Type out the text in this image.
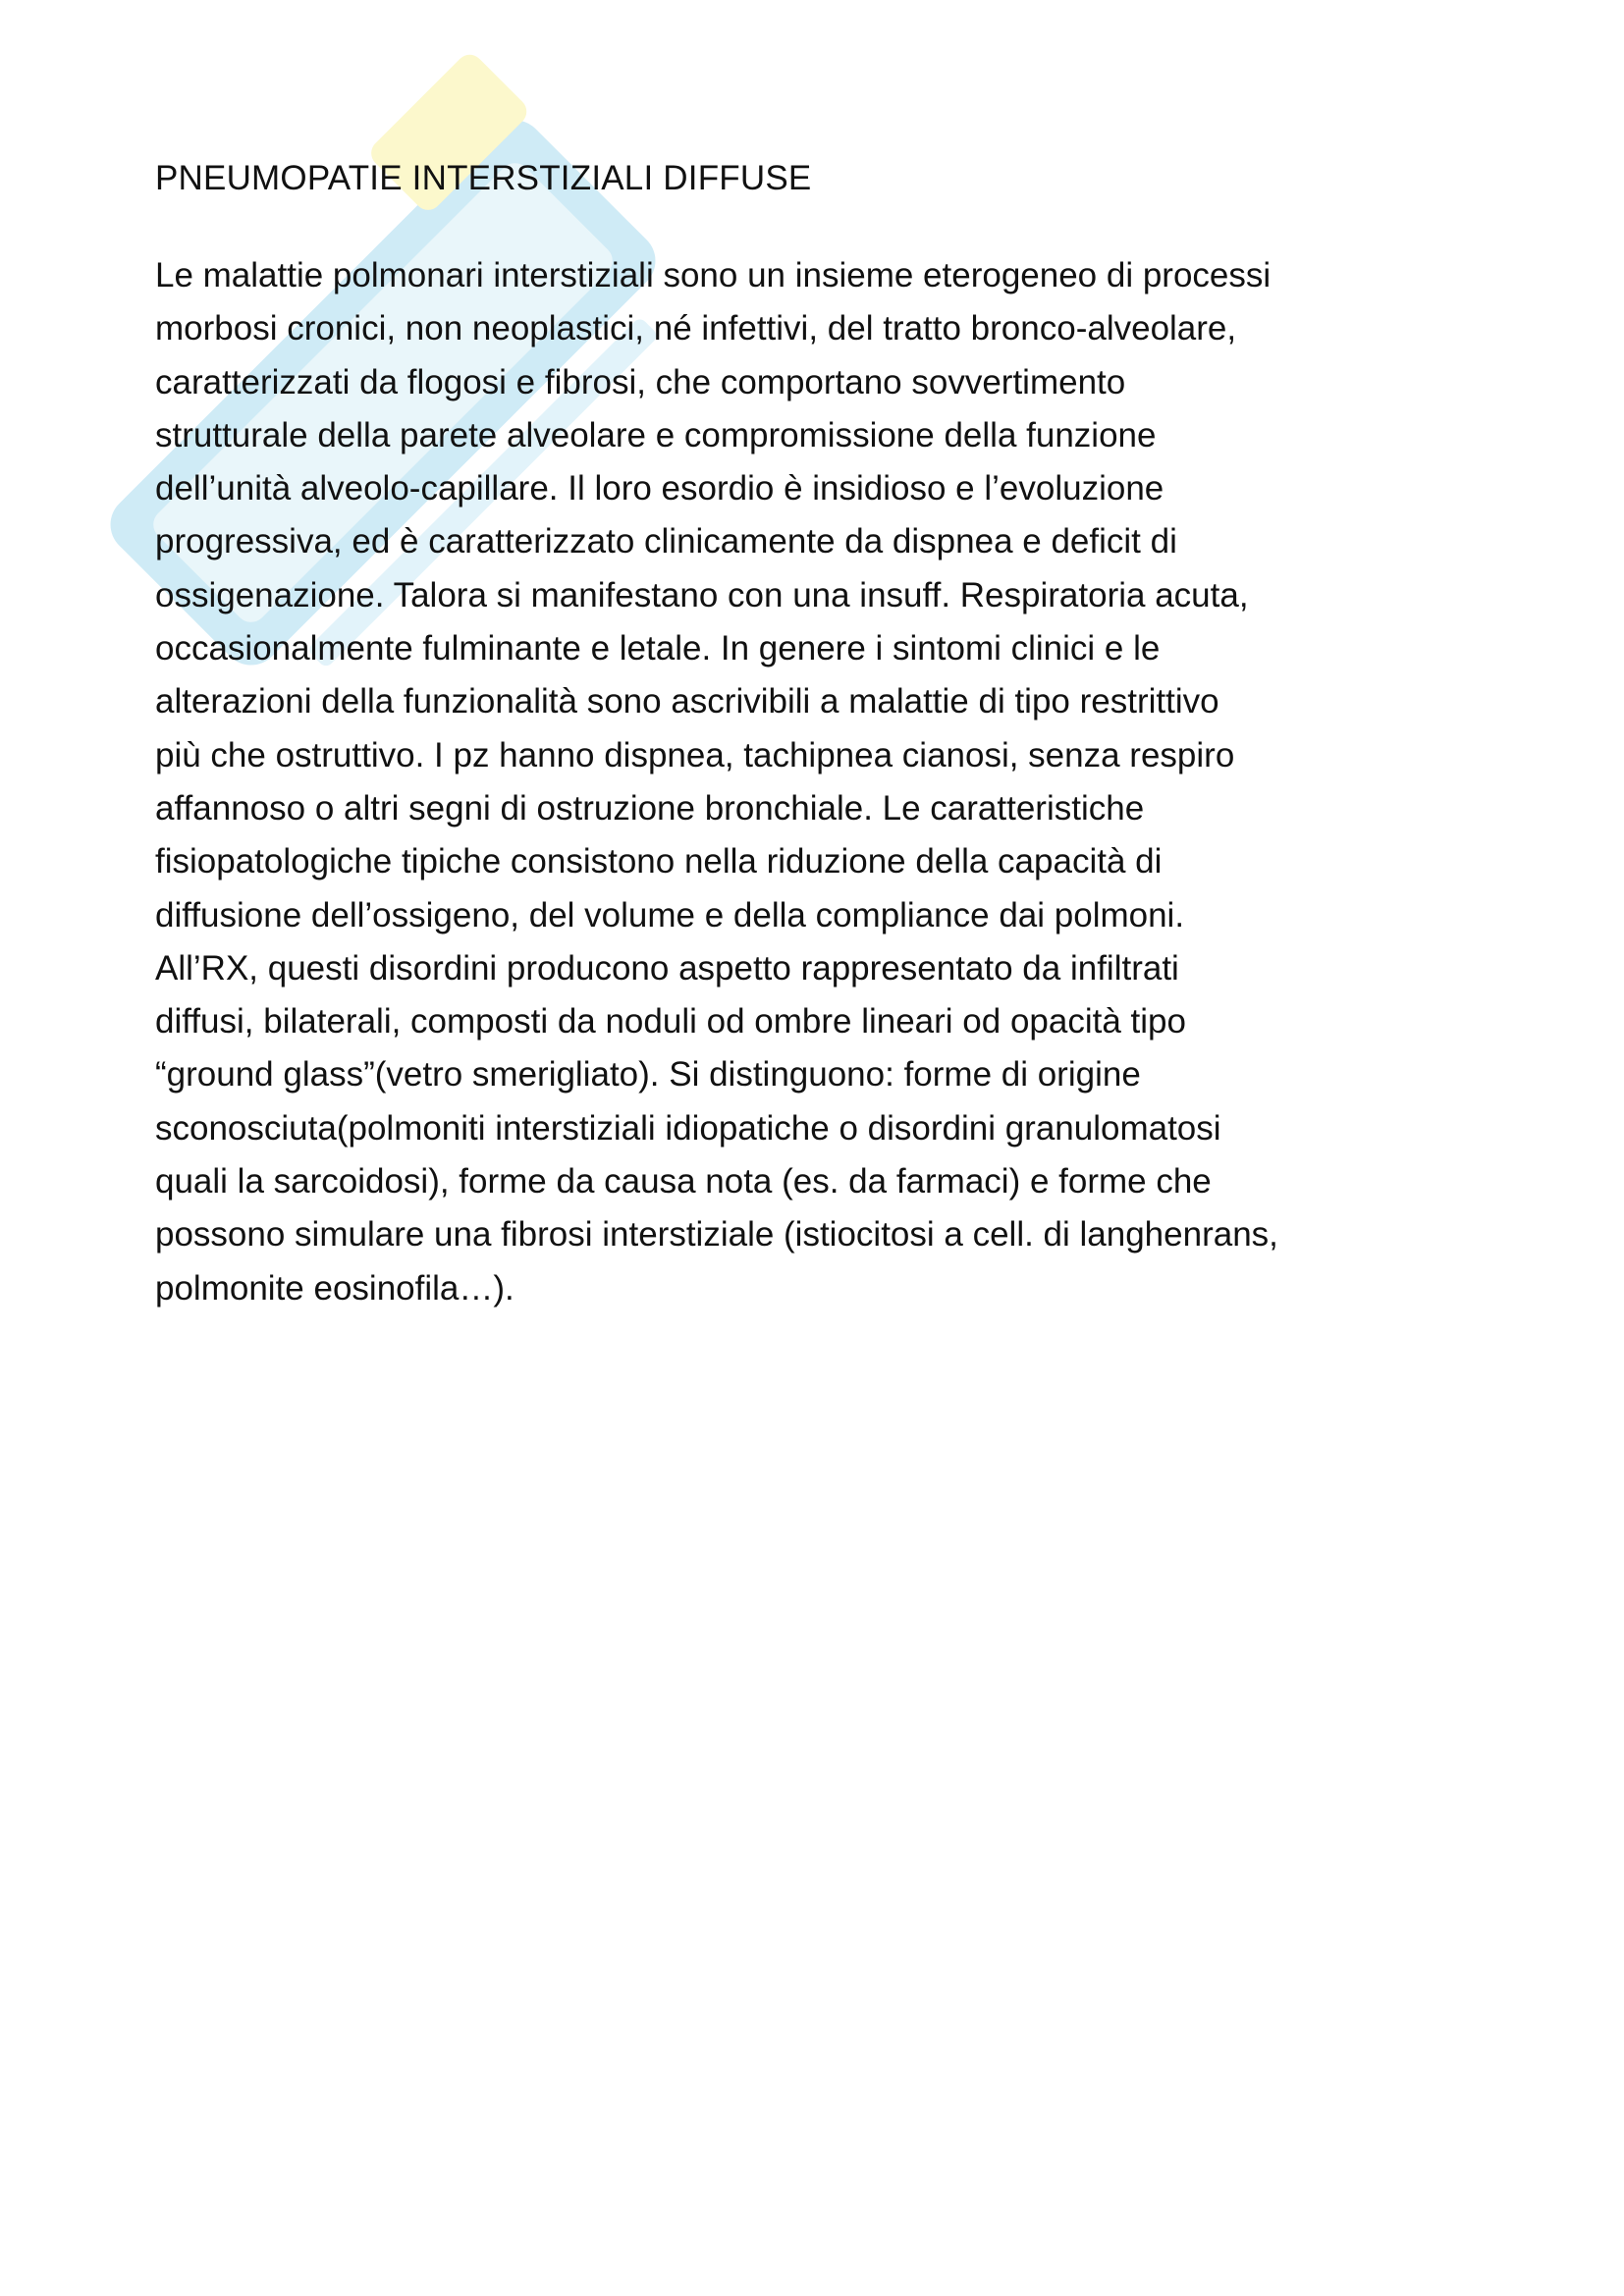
PNEUMOPATIE INTERSTIZIALI DIFFUSE
Le malattie polmonari interstiziali sono un insieme eterogeneo di processi
morbosi cronici, non neoplastici, né infettivi, del tratto bronco-alveolare,
caratterizzati da flogosi e fibrosi, che comportano sovvertimento
strutturale della parete alveolare e compromissione della funzione
dell’unità alveolo-capillare. Il loro esordio è insidioso e l’evoluzione
progressiva, ed è caratterizzato clinicamente da dispnea e deficit di
ossigenazione. Talora si manifestano con una insuff. Respiratoria acuta,
occasionalmente fulminante e letale. In genere i sintomi clinici e le
alterazioni della funzionalità sono ascrivibili a malattie di tipo restrittivo
più che ostruttivo. I pz hanno dispnea, tachipnea cianosi, senza respiro
affannoso o altri segni di ostruzione bronchiale. Le caratteristiche
fisiopatologiche tipiche consistono nella riduzione della capacità di
diffusione dell’ossigeno, del volume e della compliance dai polmoni.
All’RX, questi disordini producono aspetto rappresentato da infiltrati
diffusi, bilaterali, composti da noduli od ombre lineari od opacità tipo
“ground glass”(vetro smerigliato). Si distinguono: forme di origine
sconosciuta(polmoniti interstiziali idiopatiche o disordini granulomatosi
quali la sarcoidosi), forme da causa nota (es. da farmaci) e forme che
possono simulare una fibrosi interstiziale (istiocitosi a cell. di langhenrans,
polmonite eosinofila…).
